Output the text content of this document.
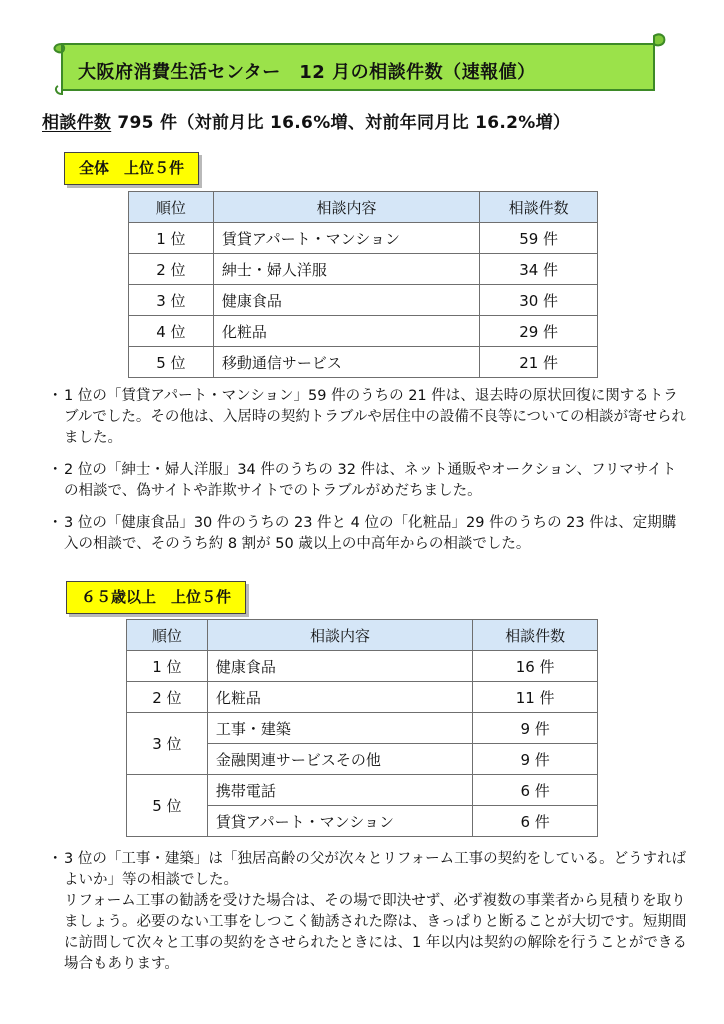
大阪府消費生活センター　12 月の相談件数（速報値）
相談件数 795 件（対前月比 16.6%増、対前年同月比 16.2%増）
全体　上位５件
順位	相談内容	相談件数
1 位	賃貸アパート・マンション	59 件
2 位	紳士・婦人洋服	34 件
3 位	健康食品	30 件
4 位	化粧品	29 件
5 位	移動通信サービス	21 件
・ 1 位の「賃貸アパート・マンション」59 件のうちの 21 件は、退去時の原状回復に関するトラブルでした。その他は、入居時の契約トラブルや居住中の設備不良等についての相談が寄せられました。

・ 2 位の「紳士・婦人洋服」34 件のうちの 32 件は、ネット通販やオークション、フリマサイトの相談で、偽サイトや詐欺サイトでのトラブルがめだちました。

・ 3 位の「健康食品」30 件のうちの 23 件と 4 位の「化粧品」29 件のうちの 23 件は、定期購入の相談で、そのうち約 8 割が 50 歳以上の中高年からの相談でした。

６５歳以上　上位５件
順位	相談内容	相談件数
1 位	健康食品	16 件
2 位	化粧品	11 件
3 位	工事・建築	9 件
	金融関連サービスその他	9 件
5 位	携帯電話	6 件
	賃貸アパート・マンション	6 件
・ 3 位の「工事・建築」は「独居高齢の父が次々とリフォーム工事の契約をしている。どうすればよいか」等の相談でした。

リフォーム工事の勧誘を受けた場合は、その場で即決せず、必ず複数の事業者から見積りを取りましょう。必要のない工事をしつこく勧誘された際は、きっぱりと断ることが大切です。短期間に訪問して次々と工事の契約をさせられたときには、1 年以内は契約の解除を行うことができる場合もあります。
